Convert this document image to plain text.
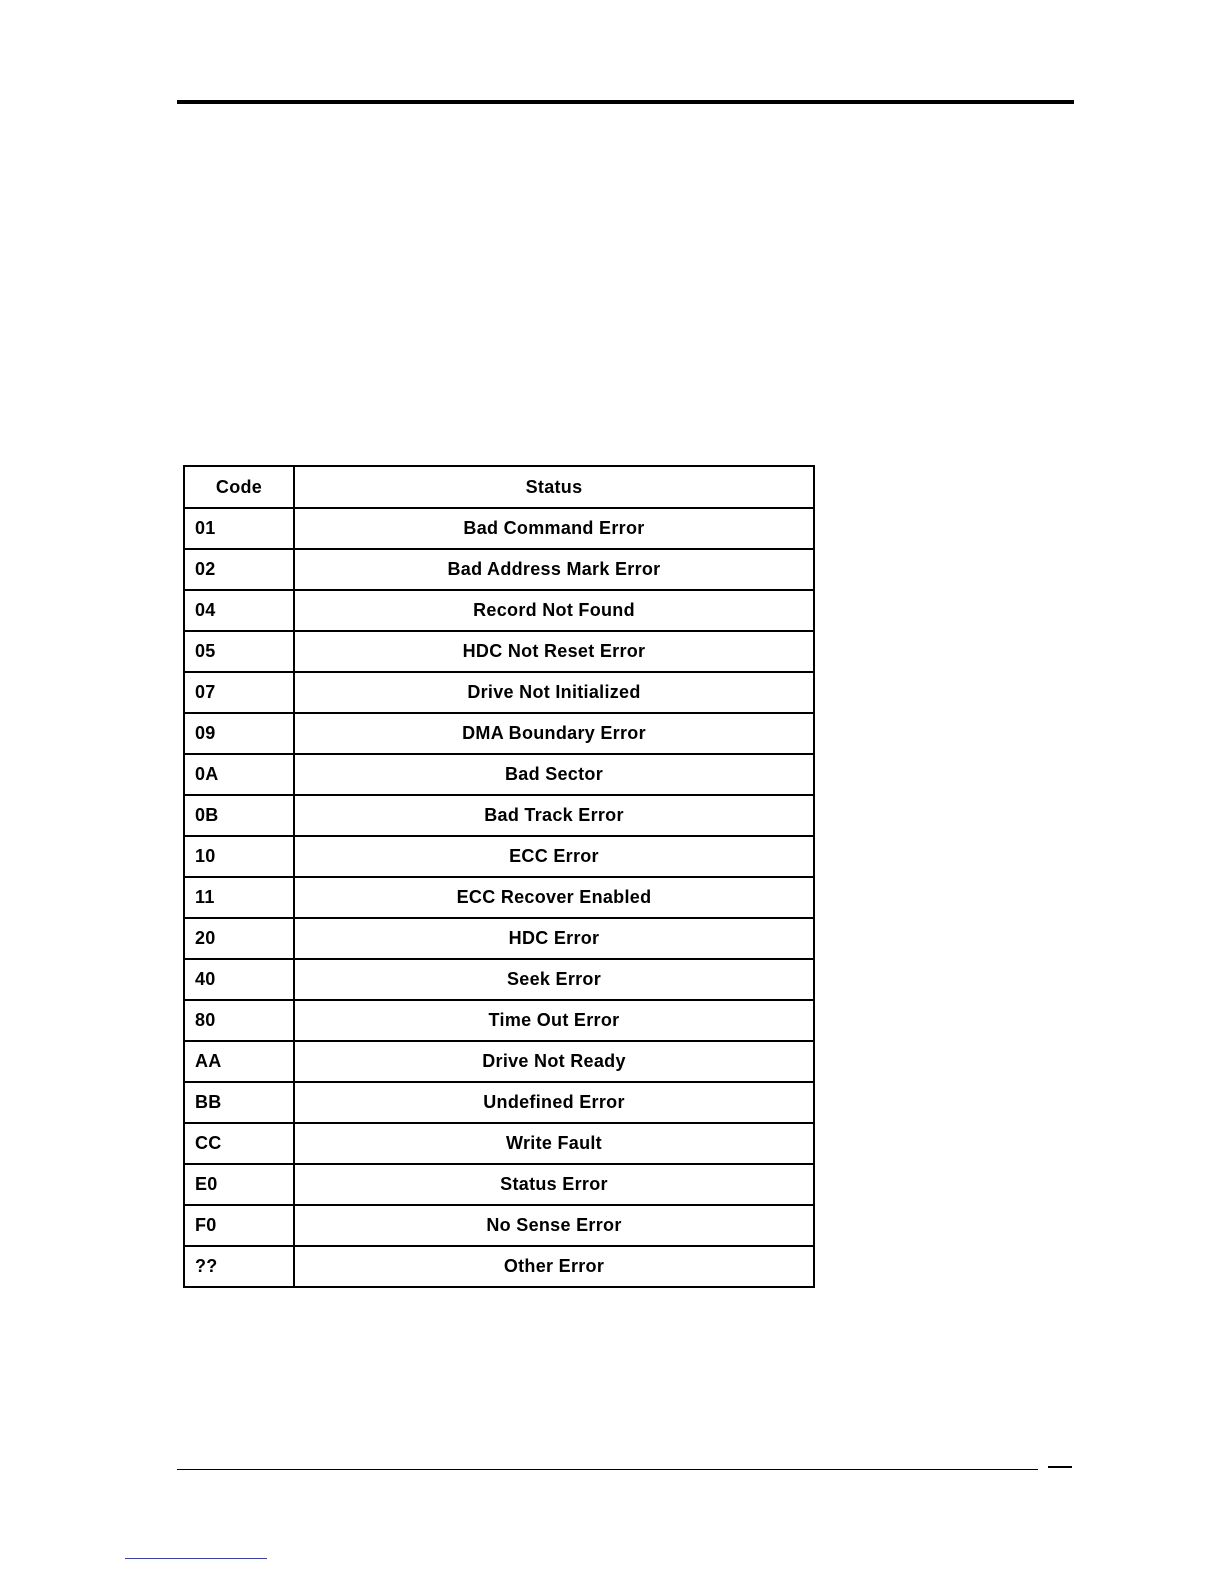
Code	Status
01	Bad Command Error
02	Bad Address Mark Error
04	Record Not Found
05	HDC Not Reset Error
07	Drive Not Initialized
09	DMA Boundary Error
0A	Bad Sector
0B	Bad Track Error
10	ECC Error
11	ECC Recover Enabled
20	HDC Error
40	Seek Error
80	Time Out Error
AA	Drive Not Ready
BB	Undefined Error
CC	Write Fault
E0	Status Error
F0	No Sense Error
??	Other Error
